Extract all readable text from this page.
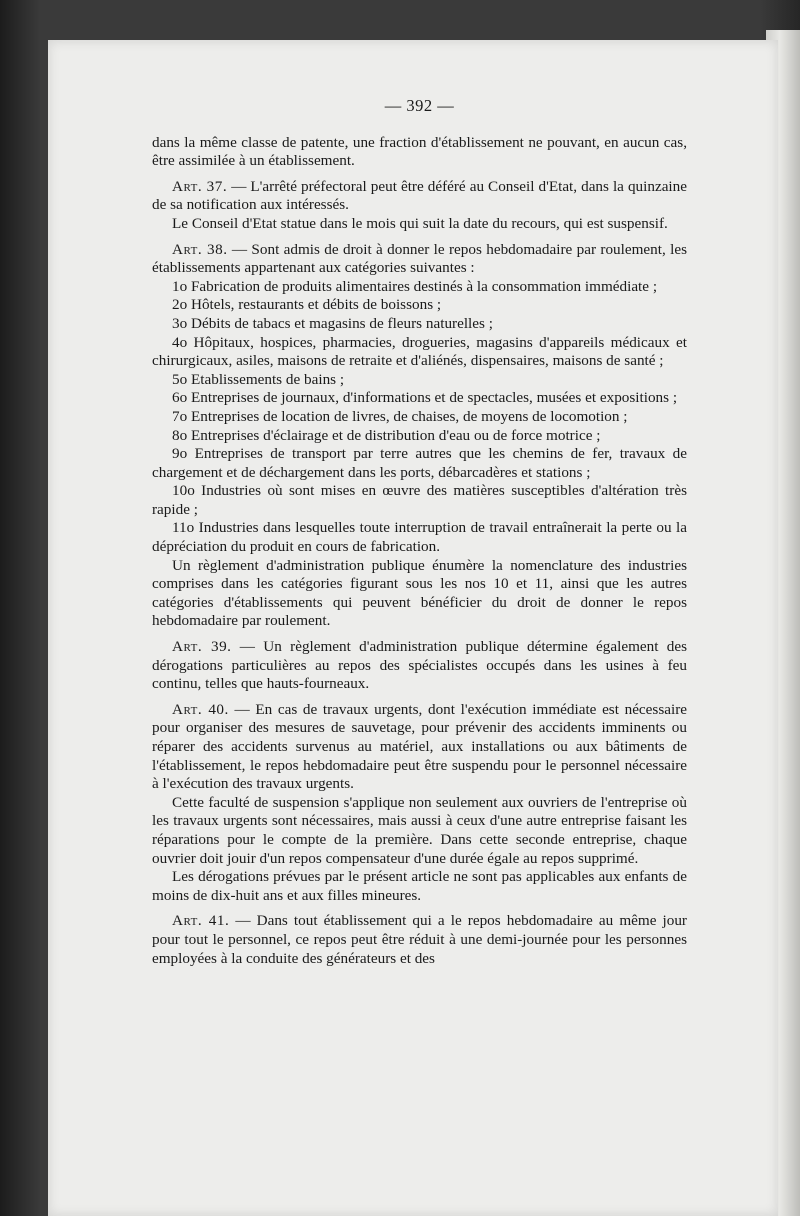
— 392 —

dans la même classe de patente, une fraction d'établissement ne pouvant, en aucun cas, être assimilée à un établissement.

Art. 37. — L'arrêté préfectoral peut être déféré au Conseil d'Etat, dans la quinzaine de sa notification aux intéressés.

Le Conseil d'Etat statue dans le mois qui suit la date du recours, qui est suspensif.

Art. 38. — Sont admis de droit à donner le repos hebdomadaire par roulement, les établissements appartenant aux catégories suivantes :

1o Fabrication de produits alimentaires destinés à la consommation immédiate ;

2o Hôtels, restaurants et débits de boissons ;

3o Débits de tabacs et magasins de fleurs naturelles ;

4o Hôpitaux, hospices, pharmacies, drogueries, magasins d'appareils médicaux et chirurgicaux, asiles, maisons de retraite et d'aliénés, dispensaires, maisons de santé ;

5o Etablissements de bains ;

6o Entreprises de journaux, d'informations et de spectacles, musées et expositions ;

7o Entreprises de location de livres, de chaises, de moyens de locomotion ;

8o Entreprises d'éclairage et de distribution d'eau ou de force motrice ;

9o Entreprises de transport par terre autres que les chemins de fer, travaux de chargement et de déchargement dans les ports, débarcadères et stations ;

10o Industries où sont mises en œuvre des matières susceptibles d'altération très rapide ;

11o Industries dans lesquelles toute interruption de travail entraînerait la perte ou la dépréciation du produit en cours de fabrication.

Un règlement d'administration publique énumère la nomenclature des industries comprises dans les catégories figurant sous les nos 10 et 11, ainsi que les autres catégories d'établissements qui peuvent bénéficier du droit de donner le repos hebdomadaire par roulement.

Art. 39. — Un règlement d'administration publique détermine également des dérogations particulières au repos des spécialistes occupés dans les usines à feu continu, telles que hauts-fourneaux.

Art. 40. — En cas de travaux urgents, dont l'exécution immédiate est nécessaire pour organiser des mesures de sauvetage, pour prévenir des accidents imminents ou réparer des accidents survenus au matériel, aux installations ou aux bâtiments de l'établissement, le repos hebdomadaire peut être suspendu pour le personnel nécessaire à l'exécution des travaux urgents.

Cette faculté de suspension s'applique non seulement aux ouvriers de l'entreprise où les travaux urgents sont nécessaires, mais aussi à ceux d'une autre entreprise faisant les réparations pour le compte de la première. Dans cette seconde entreprise, chaque ouvrier doit jouir d'un repos compensateur d'une durée égale au repos supprimé.

Les dérogations prévues par le présent article ne sont pas applicables aux enfants de moins de dix-huit ans et aux filles mineures.

Art. 41. — Dans tout établissement qui a le repos hebdomadaire au même jour pour tout le personnel, ce repos peut être réduit à une demi-journée pour les personnes employées à la conduite des générateurs et des
